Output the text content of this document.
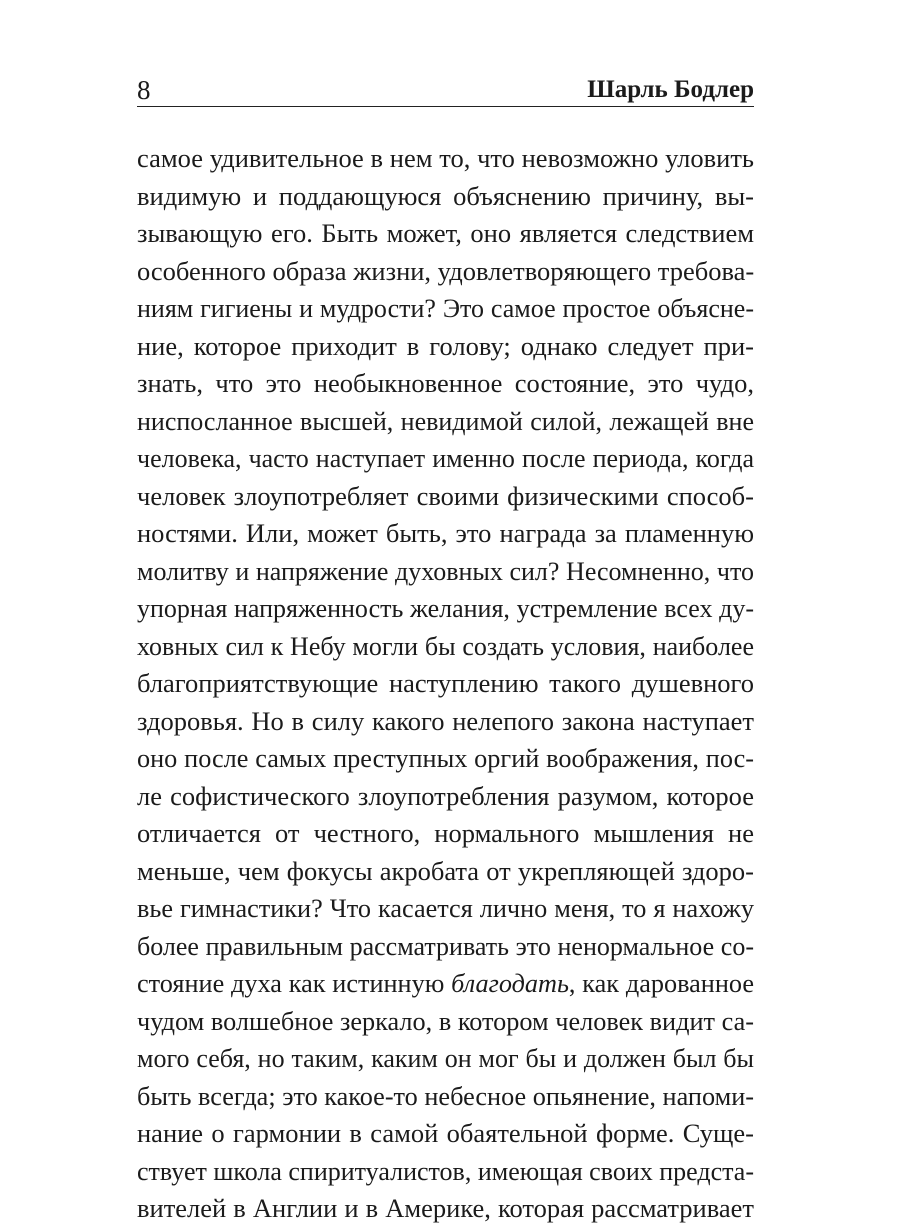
8	Шарль Бодлер
самое удивительное в нем то, что невозможно уловить
видимую и поддающуюся объяснению причину, вы-
зывающую его. Быть может, оно является следствием
особенного образа жизни, удовлетворяющего требова-
ниям гигиены и мудрости? Это самое простое объясне-
ние, которое приходит в голову; однако следует при-
знать, что это необыкновенное состояние, это чудо,
ниспосланное высшей, невидимой силой, лежащей вне
человека, часто наступает именно после периода, когда
человек злоупотребляет своими физическими способ-
ностями. Или, может быть, это награда за пламенную
молитву и напряжение духовных сил? Несомненно, что
упорная напряженность желания, устремление всех ду-
ховных сил к Небу могли бы создать условия, наиболее
благоприятствующие наступлению такого душевного
здоровья. Но в силу какого нелепого закона наступает
оно после самых преступных оргий воображения, пос-
ле софистического злоупотребления разумом, которое
отличается от честного, нормального мышления не
меньше, чем фокусы акробата от укрепляющей здоро-
вье гимнастики? Что касается лично меня, то я нахожу
более правильным рассматривать это ненормальное со-
стояние духа как истинную благодать, как дарованное
чудом волшебное зеркало, в котором человек видит са-
мого себя, но таким, каким он мог бы и должен был бы
быть всегда; это какое-то небесное опьянение, напоми-
нание о гармонии в самой обаятельной форме. Суще-
ствует школа спиритуалистов, имеющая своих предста-
вителей в Англии и в Америке, которая рассматривает
